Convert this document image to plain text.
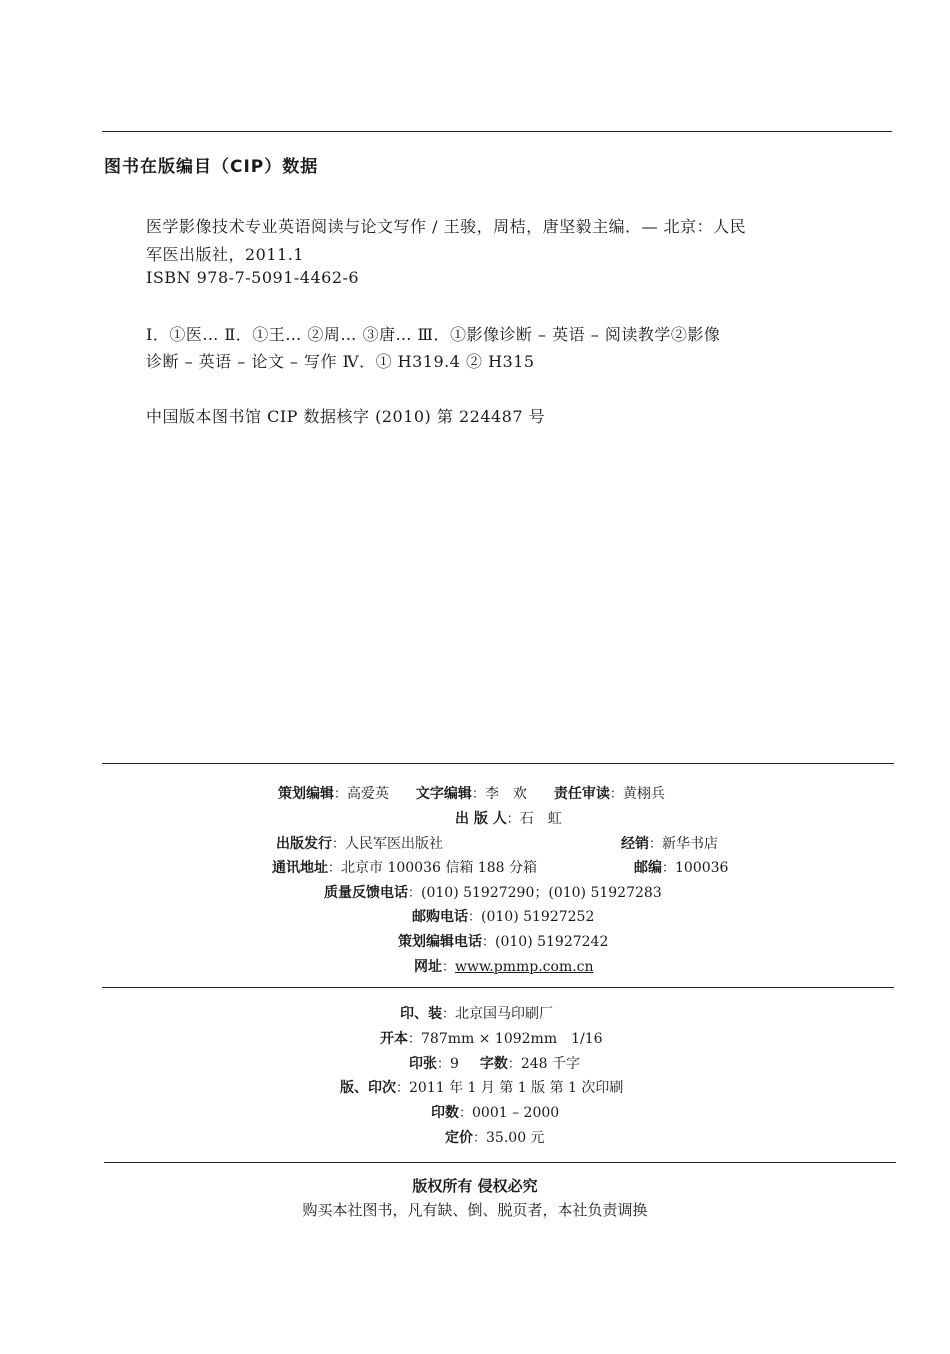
图书在版编目（CIP）数据
医学影像技术专业英语阅读与论文写作 / 王骏，周桔，唐坚毅主编．— 北京：人民
军医出版社，2011.1
ISBN 978-7-5091-4462-6
Ⅰ．①医… Ⅱ．①王… ②周… ③唐… Ⅲ．①影像诊断 – 英语 – 阅读教学②影像
诊断 – 英语 – 论文 – 写作 Ⅳ．① H319.4 ② H315
中国版本图书馆 CIP 数据核字 (2010) 第 224487 号
策划编辑：高爱英 文字编辑：李　欢 责任审读：黄栩兵
出 版 人：石　虹
出版发行：人民军医出版社	经销：新华书店
通讯地址：北京市 100036 信箱 188 分箱	邮编：100036
质量反馈电话：(010) 51927290；(010) 51927283
邮购电话：(010) 51927252
策划编辑电话：(010) 51927242
网址：www.pmmp.com.cn
印、装：北京国马印刷厂
开本：787mm × 1092mm　1/16
印张：9 字数：248 千字
版、印次：2011 年 1 月 第 1 版 第 1 次印刷
印数：0001 – 2000
定价：35.00 元
版权所有 侵权必究
购买本社图书，凡有缺、倒、脱页者，本社负责调换
